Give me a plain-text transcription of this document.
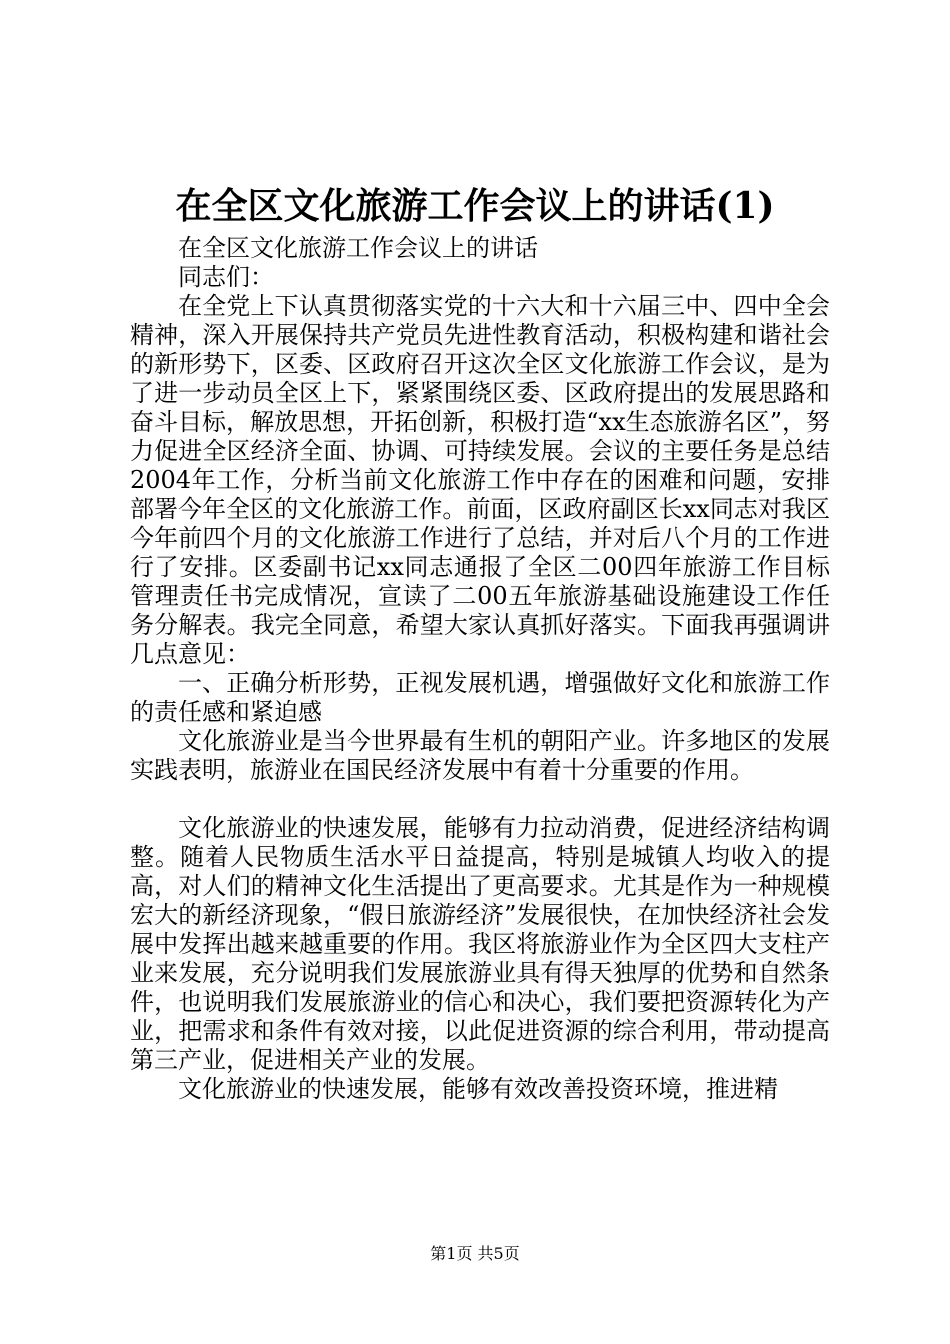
在全区文化旅游工作会议上的讲话(1)

在全区文化旅游工作会议上的讲话

同志们：

在全党上下认真贯彻落实党的十六大和十六届三中、四中全会精神，深入开展保持共产党员先进性教育活动，积极构建和谐社会的新形势下，区委、区政府召开这次全区文化旅游工作会议，是为了进一步动员全区上下，紧紧围绕区委、区政府提出的发展思路和奋斗目标，解放思想，开拓创新，积极打造“xx生态旅游名区”，努力促进全区经济全面、协调、可持续发展。会议的主要任务是总结2004年工作，分析当前文化旅游工作中存在的困难和问题，安排部署今年全区的文化旅游工作。前面，区政府副区长xx同志对我区今年前四个月的文化旅游工作进行了总结，并对后八个月的工作进行了安排。区委副书记xx同志通报了全区二00四年旅游工作目标管理责任书完成情况，宣读了二00五年旅游基础设施建设工作任务分解表。我完全同意，希望大家认真抓好落实。下面我再强调讲几点意见：

一、正确分析形势，正视发展机遇，增强做好文化和旅游工作的责任感和紧迫感

文化旅游业是当今世界最有生机的朝阳产业。许多地区的发展实践表明，旅游业在国民经济发展中有着十分重要的作用。

文化旅游业的快速发展，能够有力拉动消费，促进经济结构调整。随着人民物质生活水平日益提高，特别是城镇人均收入的提高，对人们的精神文化生活提出了更高要求。尤其是作为一种规模宏大的新经济现象，“假日旅游经济”发展很快，在加快经济社会发展中发挥出越来越重要的作用。我区将旅游业作为全区四大支柱产业来发展，充分说明我们发展旅游业具有得天独厚的优势和自然条件，也说明我们发展旅游业的信心和决心，我们要把资源转化为产业，把需求和条件有效对接，以此促进资源的综合利用，带动提高第三产业，促进相关产业的发展。

文化旅游业的快速发展，能够有效改善投资环境，推进精

第1页 共5页
